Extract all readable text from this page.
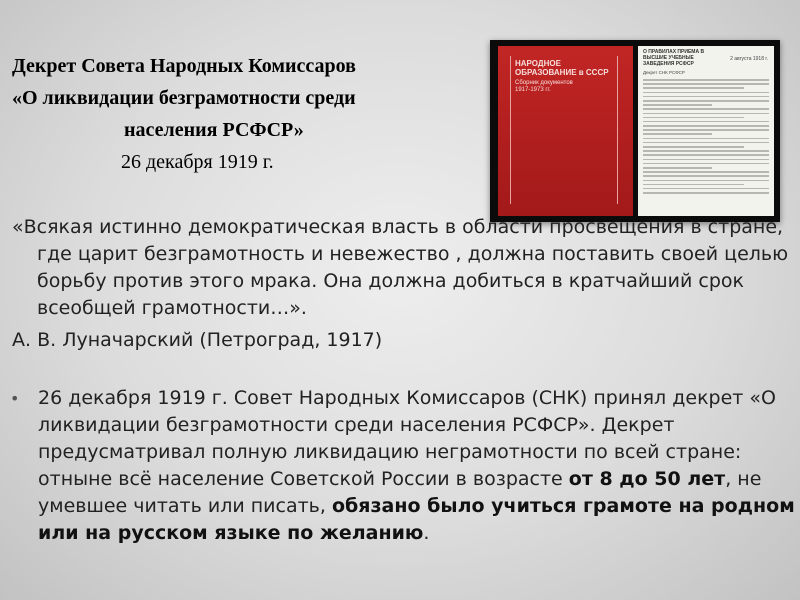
Декрет Совета Народных Комиссаров
«О ликвидации безграмотности среди
населения РСФСР»
26 декабря 1919 г.
НАРОДНОЕ ОБРАЗОВАНИЕ в СССР
Сборник документов
1917-1973 гг.
О ПРАВИЛАХ ПРИЕМА В ВЫСШИЕ УЧЕБНЫЕ ЗАВЕДЕНИЯ РСФСР
2 августа 1918 г.
Декрет СНК РСФСР

«Всякая истинно демократическая власть в области просвещения в стране, где царит безграмотность и невежество , должна поставить своей целью борьбу против этого мрака. Она должна добиться в кратчайший срок всеобщей грамотности…».

А. В. Луначарский (Петроград, 1917)

• 26 декабря 1919 г. Совет Народных Комиссаров (СНК) принял декрет «О ликвидации безграмотности среди населения РСФСР». Декрет предусматривал полную ликвидацию неграмотности по всей стране: отныне всё население Советской России в возрасте от 8 до 50 лет, не умевшее читать или писать, обязано было учиться грамоте на родном или на русском языке по желанию.
